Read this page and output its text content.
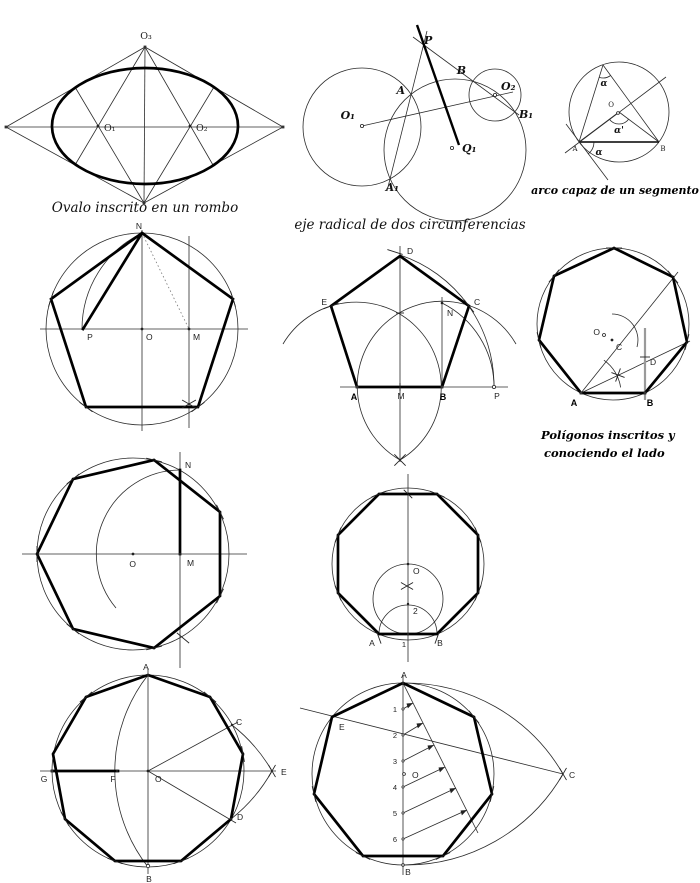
O₃
O₁	O₂
Ovalo inscrito en un rombo
P
A
B
O₁
O₂
B₁
A₁
Q₁
eje radical de dos circunferencias
α
α'
α
O
A	B
arco capaz de un segmento
N
P	O	M
D
C
E
N
A	M	B	P
O
C
D
A	B
Polígonos inscritos y
conociendo el lado
N
O	M
O
2
A	1	B
A
B
C
D
E
F
G	O
A
B
E
C
O
1
2
3
4
5
6
